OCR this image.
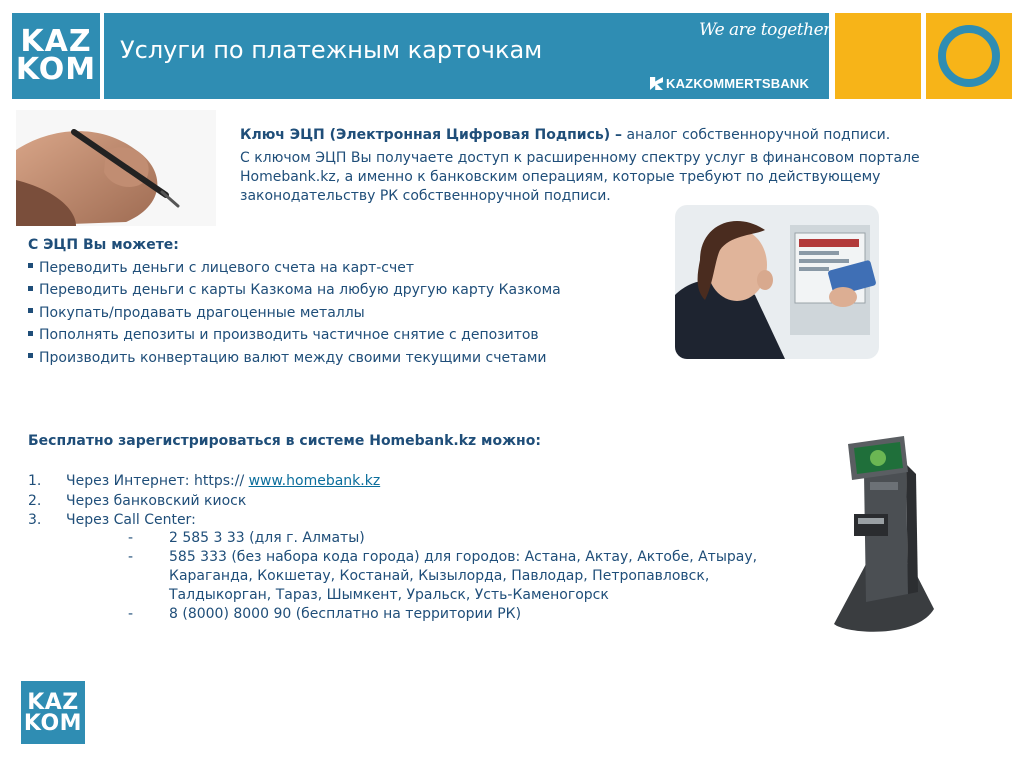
KAZ
KOM
Услуги по платежным карточкам
We are together
KAZKOMMERTSBANK

Ключ ЭЦП (Электронная Цифровая Подпись) – аналог собственноручной подписи.

С ключом ЭЦП Вы получаете доступ к расширенному спектру услуг в финансовом портале Homebank.kz, а именно к банковским операциям, которые требуют по действующему законодательству РК собственноручной подписи.

С ЭЦП Вы можете:
Переводить деньги с лицевого счета на карт-счет
Переводить деньги с карты Казкома на любую другую карту Казкома
Покупать/продавать драгоценные металлы
Пополнять депозиты и производить частичное снятие с депозитов
Производить конвертацию валют между своими текущими счетами
Бесплатно зарегистрироваться в системе Homebank.kz можно:
1.	Через Интернет: https:// www.homebank.kz
2.	Через банковский киоск
3.	Через Call Center:
-	2 585 3 33 (для г. Алматы)
-	585 333 (без набора кода города) для городов: Астана, Актау, Актобе, Атырау, Караганда, Кокшетау, Костанай, Кызылорда, Павлодар, Петропавловск, Талдыкорган, Тараз, Шымкент, Уральск, Усть-Каменогорск
-	8 (8000) 8000 90 (бесплатно на территории РК)
KAZ
KOM
